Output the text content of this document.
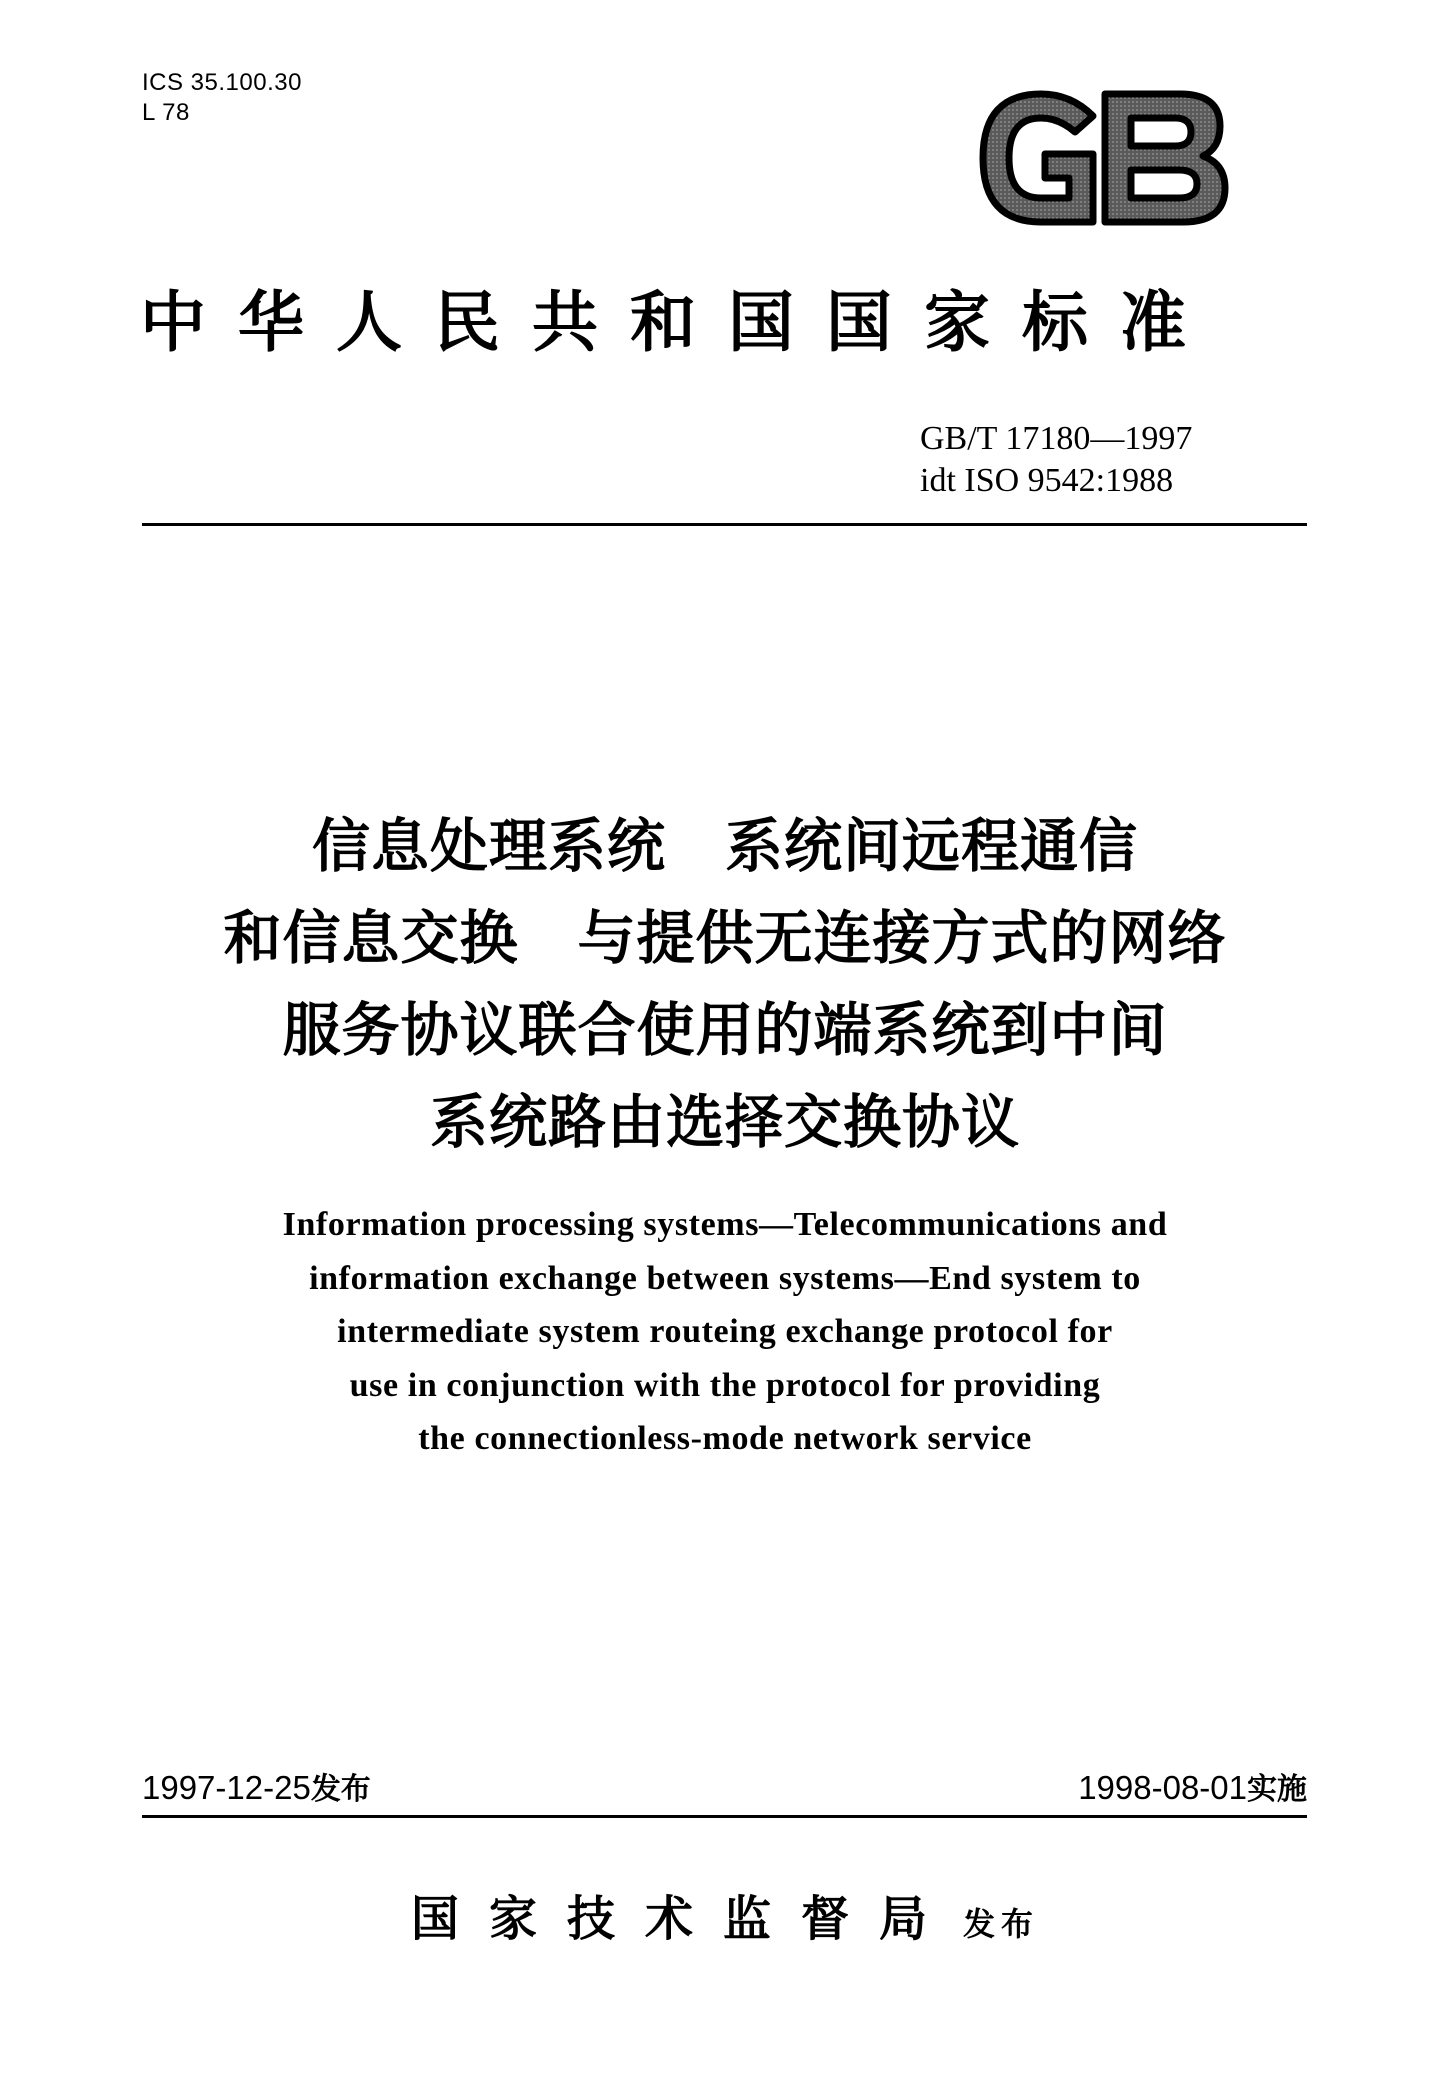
ICS 35.100.30
L 78
中华人民共和国国家标准
GB/T 17180—1997
idt ISO 9542:1988
信息处理系统　系统间远程通信
和信息交换　与提供无连接方式的网络
服务协议联合使用的端系统到中间
系统路由选择交换协议
Information processing systems—Telecommunications and
information exchange between systems—End system to
intermediate system routeing exchange protocol for
use in conjunction with the protocol for providing
the connectionless-mode network service
1997-12-25发布	1998-08-01实施
国家技术监督局 发布
